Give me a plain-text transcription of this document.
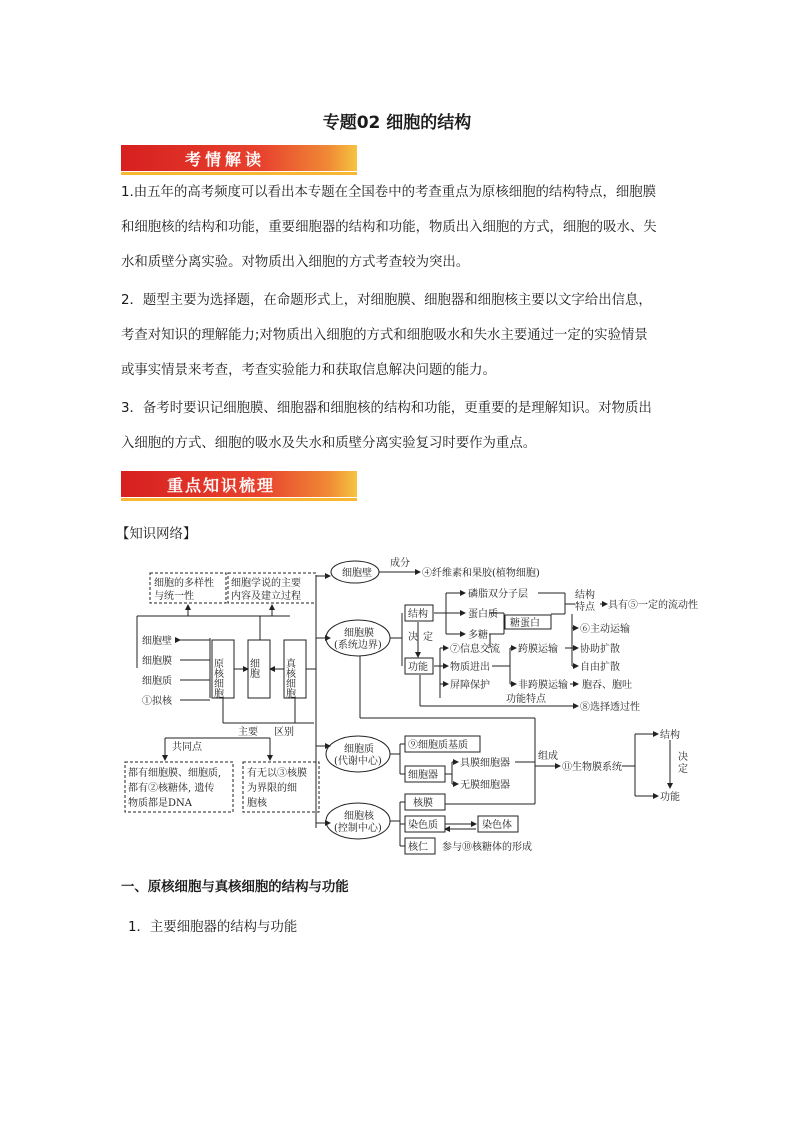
专题02 细胞的结构
考情解读

1.由五年的高考频度可以看出本专题在全国卷中的考查重点为原核细胞的结构特点，细胞膜

和细胞核的结构和功能，重要细胞器的结构和功能，物质出入细胞的方式，细胞的吸水、失

水和质壁分离实验。对物质出入细胞的方式考查较为突出。

2．题型主要为选择题，在命题形式上，对细胞膜、细胞器和细胞核主要以文字给出信息，

考查对知识的理解能力;对物质出入细胞的方式和细胞吸水和失水主要通过一定的实验情景

或事实情景来考查，考查实验能力和获取信息解决问题的能力。

3．备考时要识记细胞膜、细胞器和细胞核的结构和功能，更重要的是理解知识。对物质出

入细胞的方式、细胞的吸水及失水和质壁分离实验复习时要作为重点。

重点知识梳理
【知识网络】
细胞的多样性
与统一性
细胞学说的主要
内容及建立过程
细胞壁
细胞膜
细胞质
①拟核
原核细胞	细胞	真核细胞
共同点
主要 区别
都有细胞膜、细胞质,
都有②核糖体, 遗传
物质都是DNA
有无以③核膜
为界限的细
胞核
细胞壁
成分
④纤维素和果胶(植物细胞)
细胞膜
(系统边界)
结构
功能
决 定
磷脂双分子层
蛋白质
多糖
糖蛋白
结构
特点 具有⑤一定的流动性
⑥主动运输
⑦信息交流 跨膜运输 协助扩散
自由扩散
物质进出
屏障保护	非跨膜运输 胞吞、胞吐
功能特点
⑧选择透过性
细胞质
(代谢中心)
⑨细胞质基质
细胞器
具膜细胞器
无膜细胞器
组成
⑪生物膜系统
结构
决
定
功能
细胞核
(控制中心)
核膜
染色质
核仁
染色体
参与⑩核糖体的形成
一、原核细胞与真核细胞的结构与功能
1．主要细胞器的结构与功能
